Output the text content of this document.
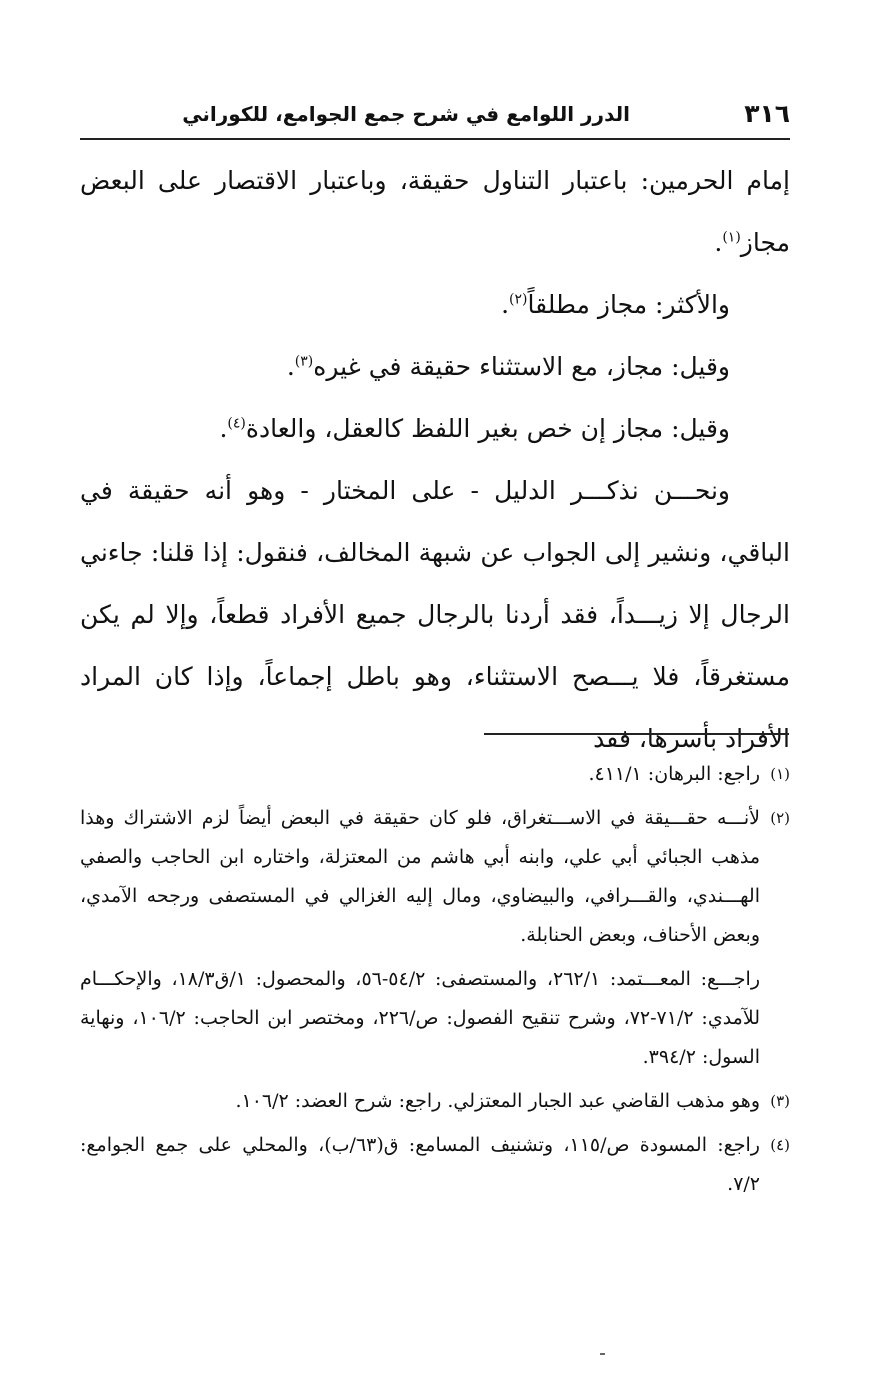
٣١٦
الدرر اللوامع في شرح جمع الجوامع، للكوراني

إمام الحرمين: باعتبار التناول حقيقة، وباعتبار الاقتصار على البعض مجاز$^{(١)}$.

والأكثر: مجاز مطلقاً$^{(٢)}$.

وقيل: مجاز، مع الاستثناء حقيقة في غيره$^{(٣)}$.

وقيل: مجاز إن خص بغير اللفظ كالعقل، والعادة$^{(٤)}$.

ونحـــن نذكـــر الدليل - على المختار - وهو أنه حقيقة في الباقي، ونشير إلى الجواب عن شبهة المخالف، فنقول: إذا قلنا: جاءني الرجال إلا زيـــداً، فقد أردنا بالرجال جميع الأفراد قطعاً، وإلا لم يكن مستغرقاً، فلا يـــصح الاستثناء، وهو باطل إجماعاً، وإذا كان المراد الأفراد بأسرها، فقد

(١)
راجع: البرهان: ٤١١/١.
(٢)
لأنـــه حقـــيقة في الاســـتغراق، فلو كان حقيقة في البعض أيضاً لزم الاشتراك وهذا مذهب الجبائي أبي علي، وابنه أبي هاشم من المعتزلة، واختاره ابن الحاجب والصفي الهـــندي، والقـــرافي، والبيضاوي، ومال إليه الغزالي في المستصفى ورجحه الآمدي، وبعض الأحناف، وبعض الحنابلة.
راجـــع: المعـــتمد: ٢٦٢/١، والمستصفى: ٥٤/٢-٥٦، والمحصول: ١/ق١٨/٣، والإحكـــام للآمدي: ٧١/٢-٧٢، وشرح تنقيح الفصول: ص/٢٢٦، ومختصر ابن الحاجب: ١٠٦/٢، ونهاية السول: ٣٩٤/٢.
(٣)
وهو مذهب القاضي عبد الجبار المعتزلي. راجع: شرح العضد: ١٠٦/٢.
(٤)
راجع: المسودة ص/١١٥، وتشنيف المسامع: ق(٦٣/ب)، والمحلي على جمع الجوامع: ٧/٢.
